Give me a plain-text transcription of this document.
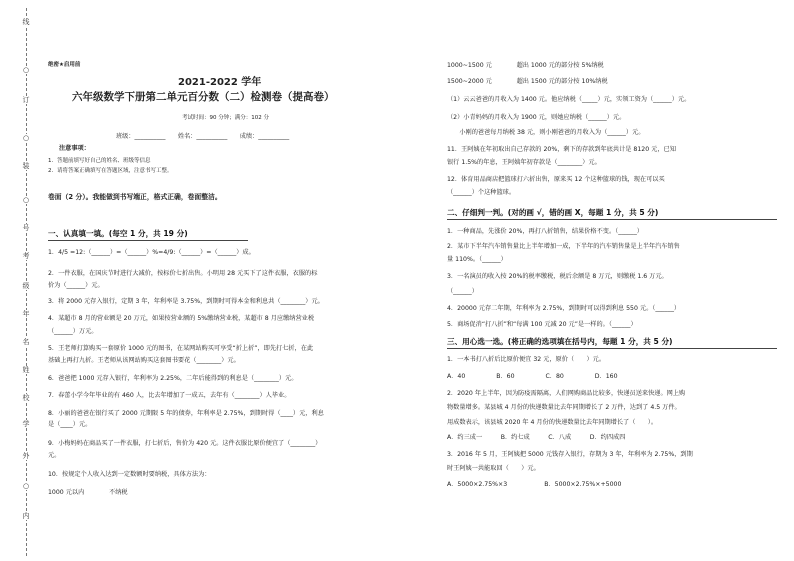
线
○
订
○
装
○
号
考
级
年
名
姓
校
学
外
○
内
绝密★启用前
2021-2022 学年
六年级数学下册第二单元百分数（二）检测卷（提高卷）
考试时间：90 分钟；满分：102 分
班级：__________　　姓名：__________　　成绩：__________
注意事项：
1．答题前填写好自己的姓名、班级等信息
2．请将答案正确填写在答题区域，注意书写工整。
卷面（2 分）。我能做到书写端正，格式正确，卷面整洁。
一、认真填一填。(每空 1 分，共 19 分)
1．4/5 =12:（______）=（______）%=4/9:（______）=（______）成。
2．一件衣服，在国庆节时进行大减价，按标价七折出售。小明用 28 元买下了这件衣服，衣服的标
价为（______）元。
3．将 2000 元存入银行，定期 3 年，年利率是 3.75%，到期时可得本金和利息共（________）元。
4．某超市 8 月的营业额是 20 万元，如果按营业额的 5%缴纳营业税，某超市 8 月应缴纳营业税
（______）万元。
5．王老师打算购买一套原价 1000 元的图书，在某网站购买可享受“折上折”，即先打七折，在此
基础上再打九折。王老师从该网站购买这套图书要花（________）元。
6．爸爸把 1000 元存入银行，年利率为 2.25%，二年后能得到的利息是（________）元。
7．春蕾小学今年毕业的有 460 人，比去年增加了一成五，去年有（________）人毕业。
8．小丽的爸爸在银行买了 2000 元期限 5 年的债券，年利率是 2.75%，到期时得（____）元，利息
是（____）元。
9．小梅妈妈在商品买了一件衣服，打七折后，售价为 420 元。这件衣服比原价便宜了（________）
元。
10．按规定个人收入达到一定数额时要纳税，具体方法为：
1000 元以内　　　　不纳税
1000~1500 元　　　　超出 1000 元的部分按 5%纳税
1500~2000 元　　　　超出 1500 元的部分按 10%纳税
（1）云云爸爸的月收入为 1400 元。他应纳税（_____）元，实领工资为（______）元。
（2）小青妈妈的月收入为 1900 元，则她应纳税（______）元。
　　小刚的爸爸每月纳税 38 元，则小刚爸爸的月收入为（______）元。
11．王阿姨在年初取出自己存款的 20%，剩下的存款到年底共计是 8120 元，已知
银行 1.5%的年息，王阿姨年初存款是（________）元。
12．体育用品商店把篮球打六折出售，原来买 12 个这种篮球的钱，现在可以买
（______）个这种篮球。
二、仔细判一判。(对的画 √，错的画 X，每题 1 分，共 5 分)
1．一种商品，先涨价 20%，再打八折销售，结果价格不变。（______）
2．某市下半年汽车销售量比上半年增加一成，下半年的汽车销售量是上半年汽车销售
量 110%。（______）
3．一名演员的收入按 20%的税率缴税，税后余额是 8 万元，则缴税 1.6 万元。
（______）
4．20000 元存二年期，年利率为 2.75%，到期时可以得到利息 550 元。（______）
5．商场促消“打八折”和“每满 100 元减 20 元”是一样的。（______）
三、用心选一选。(将正确的选项填在括号内，每题 1 分，共 5 分)
1．一本书打八折后比原价便宜 32 元，原价（　　）元。
A．40　　　　　B．60　　　　　C．80　　　　　D．160
2．2020 年上半年，因为防疫需隔离，人们网购商品比较多，快递员送来快递。网上购
物数量增多。某县城 4 月份的快递数量比去年同期增长了 2 万件，达到了 4.5 万件。
用成数表示，该县城 2020 年 4 月份的快递数量比去年同期增长了（　　）。
A．约三成一　　　B．约七成　　　C．八成　　　D．约四成四
3．2016 年 5 月，王阿姨把 5000 元钱存入银行，存期为 3 年，年利率为 2.75%，到期
时王阿姨一共能取回（　　）元。
A．5000×2.75%×3　　　　　　B．5000×2.75%×+5000
